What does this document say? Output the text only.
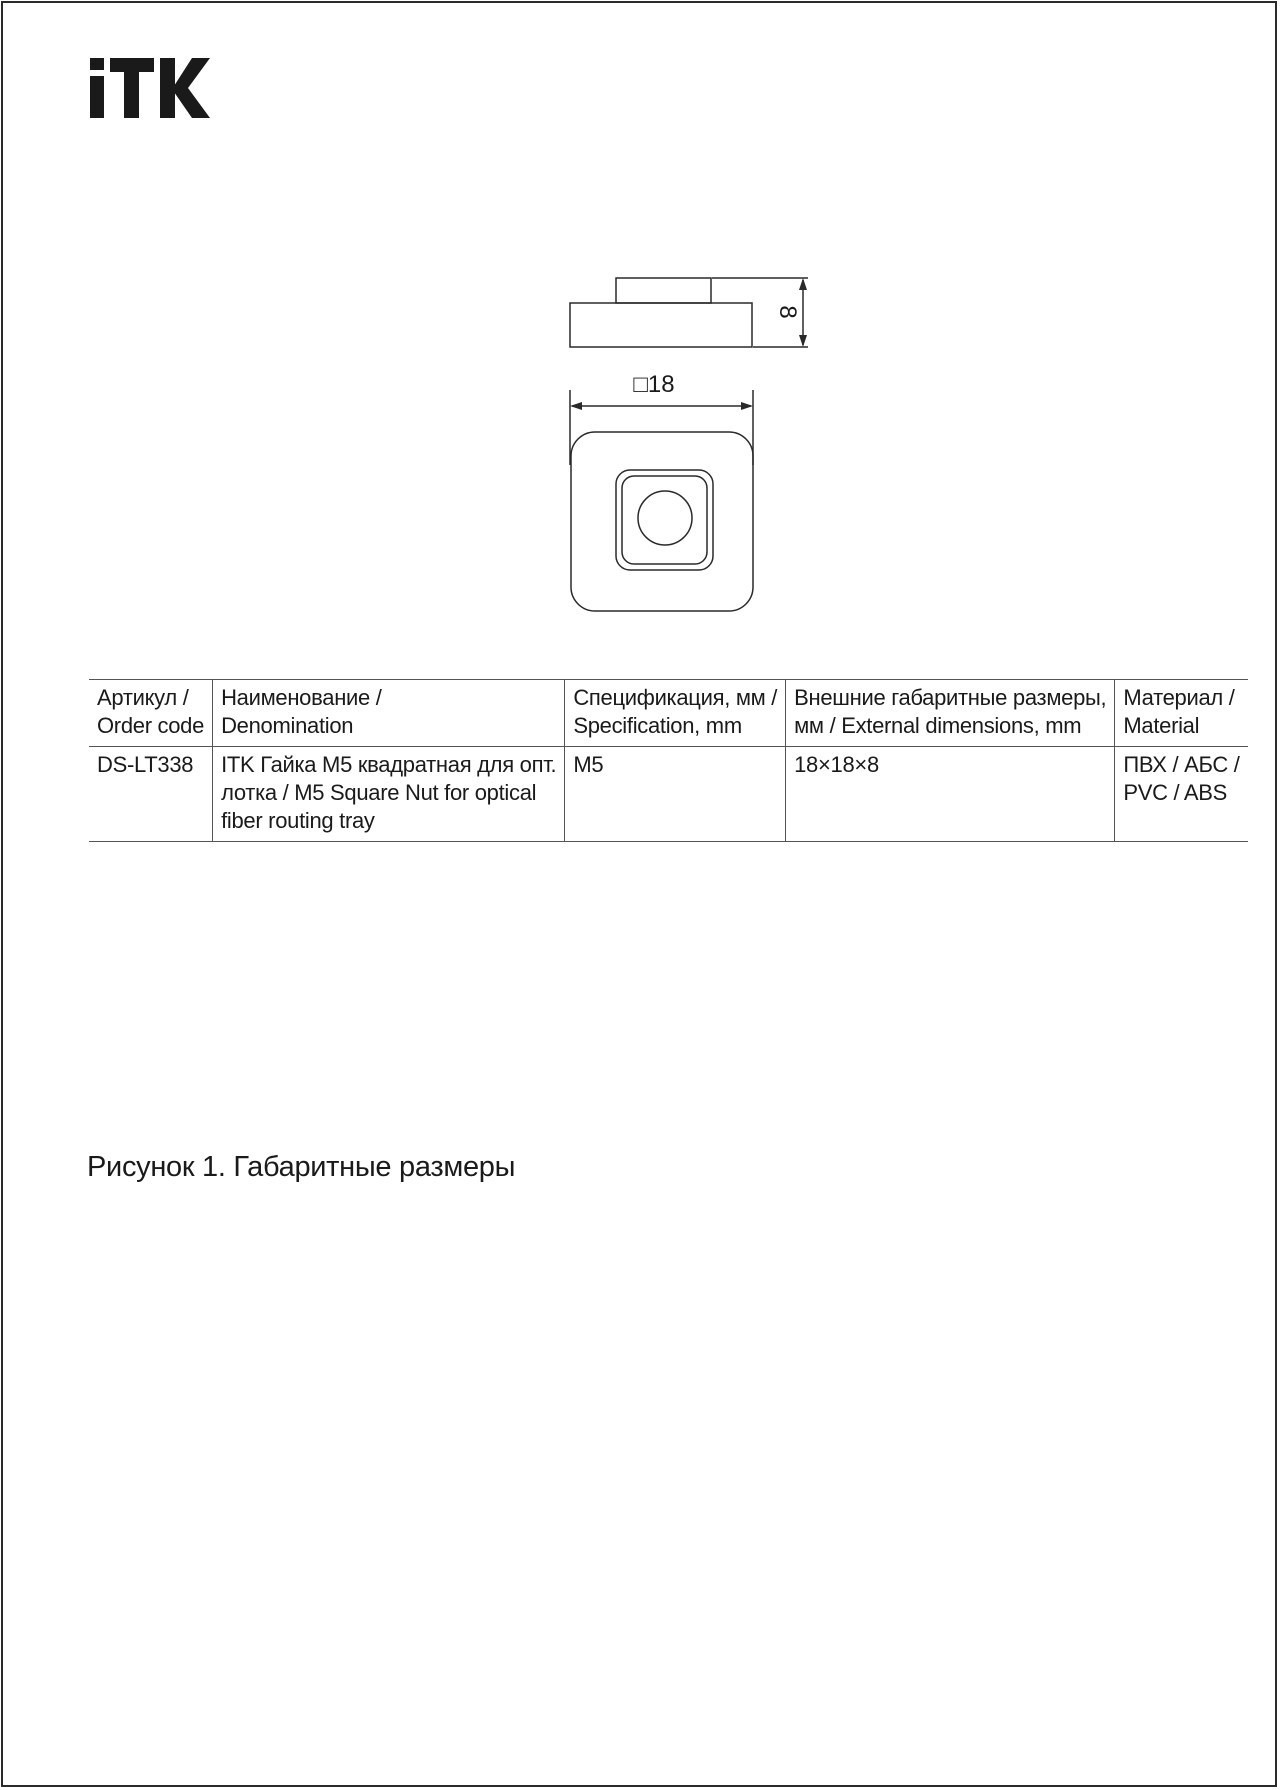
8
□18
Артикул /
Order code	Наименование /
Denomination	Спецификация, мм /
Specification, mm	Внешние габаритные размеры,
мм / External dimensions, mm	Материал /
Material

DS-LT338	ITK Гайка М5 квадратная для опт.
лотка / M5 Square Nut for optical
fiber routing tray	M5	18×18×8	ПВХ / АБС /
PVC / ABS

Рисунок 1. Габаритные размеры
